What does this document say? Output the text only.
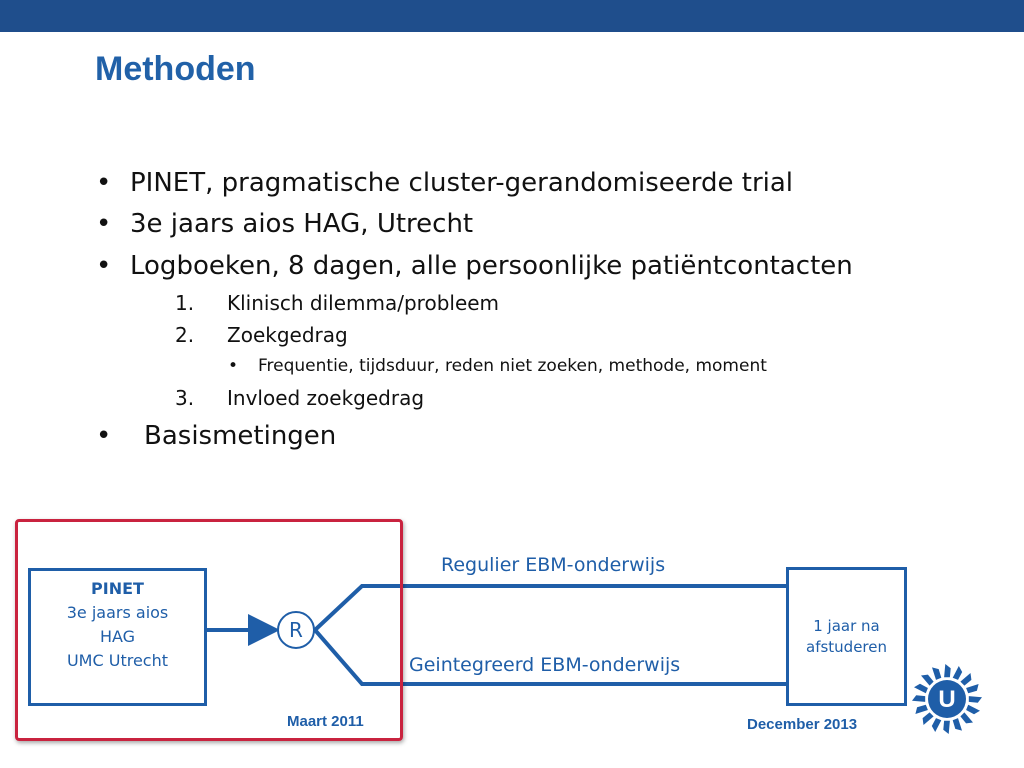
Methoden
• PINET, pragmatische cluster-gerandomiseerde trial
• 3e jaars aios HAG, Utrecht
• Logboeken, 8 dagen, alle persoonlijke patiëntcontacten
1. Klinisch dilemma/probleem
2. Zoekgedrag
• Frequentie, tijdsduur, reden niet zoeken, methode, moment
3. Invloed zoekgedrag
• Basismetingen
PINET
3e jaars aios
HAG
UMC Utrecht
R
Regulier EBM-onderwijs
Geintegreerd EBM-onderwijs
1 jaar na
afstuderen
Maart 2011	December 2013
U
